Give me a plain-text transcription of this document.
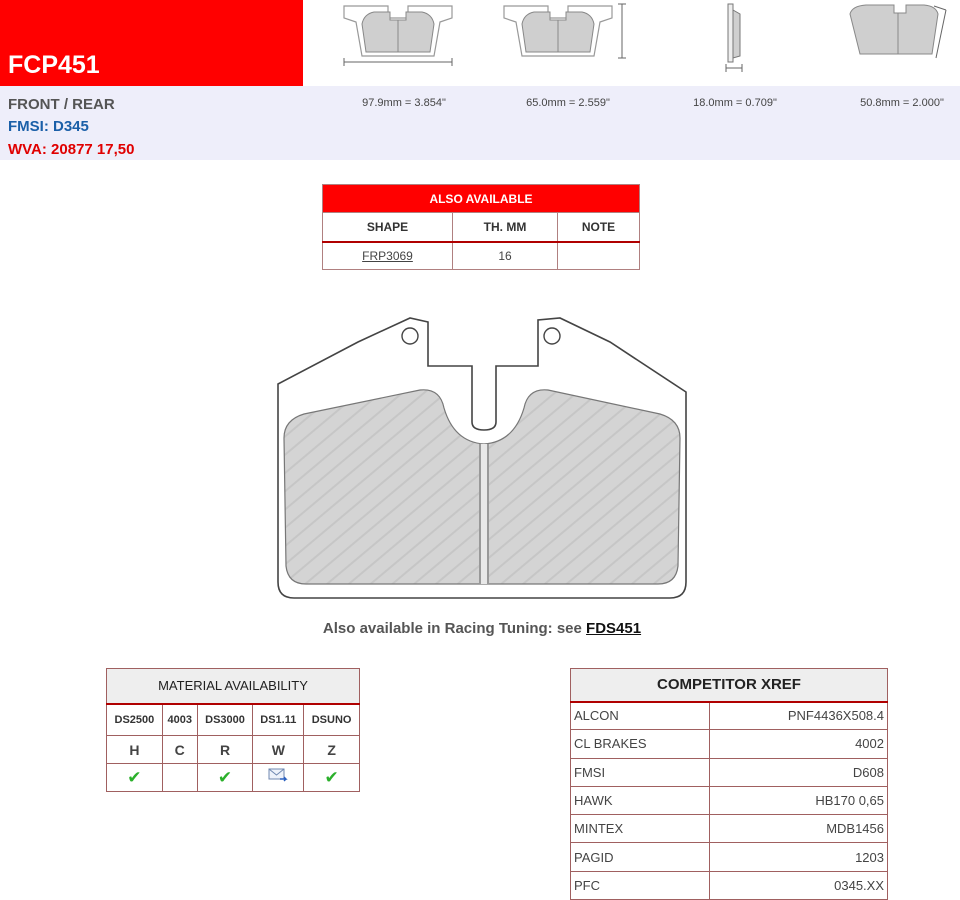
FCP451
FRONT / REAR
FMSI: D345
WVA: 20877 17,50
97.9mm = 3.854"	65.0mm = 2.559"	18.0mm = 0.709"	50.8mm = 2.000"
ALSO AVAILABLE		
SHAPE	TH. MM	NOTE
FRP3069	16	
Also available in Racing Tuning: see FDS451
MATERIAL AVAILABILITY				
DS2500	4003	DS3000	DS1.11	DSUNO
H	C	R	W	Z
✔		✔		✔
COMPETITOR XREF	
ALCON	PNF4436X508.4
CL BRAKES	4002
FMSI	D608
HAWK	HB170 0,65
MINTEX	MDB1456
PAGID	1203
PFC	0345.XX
